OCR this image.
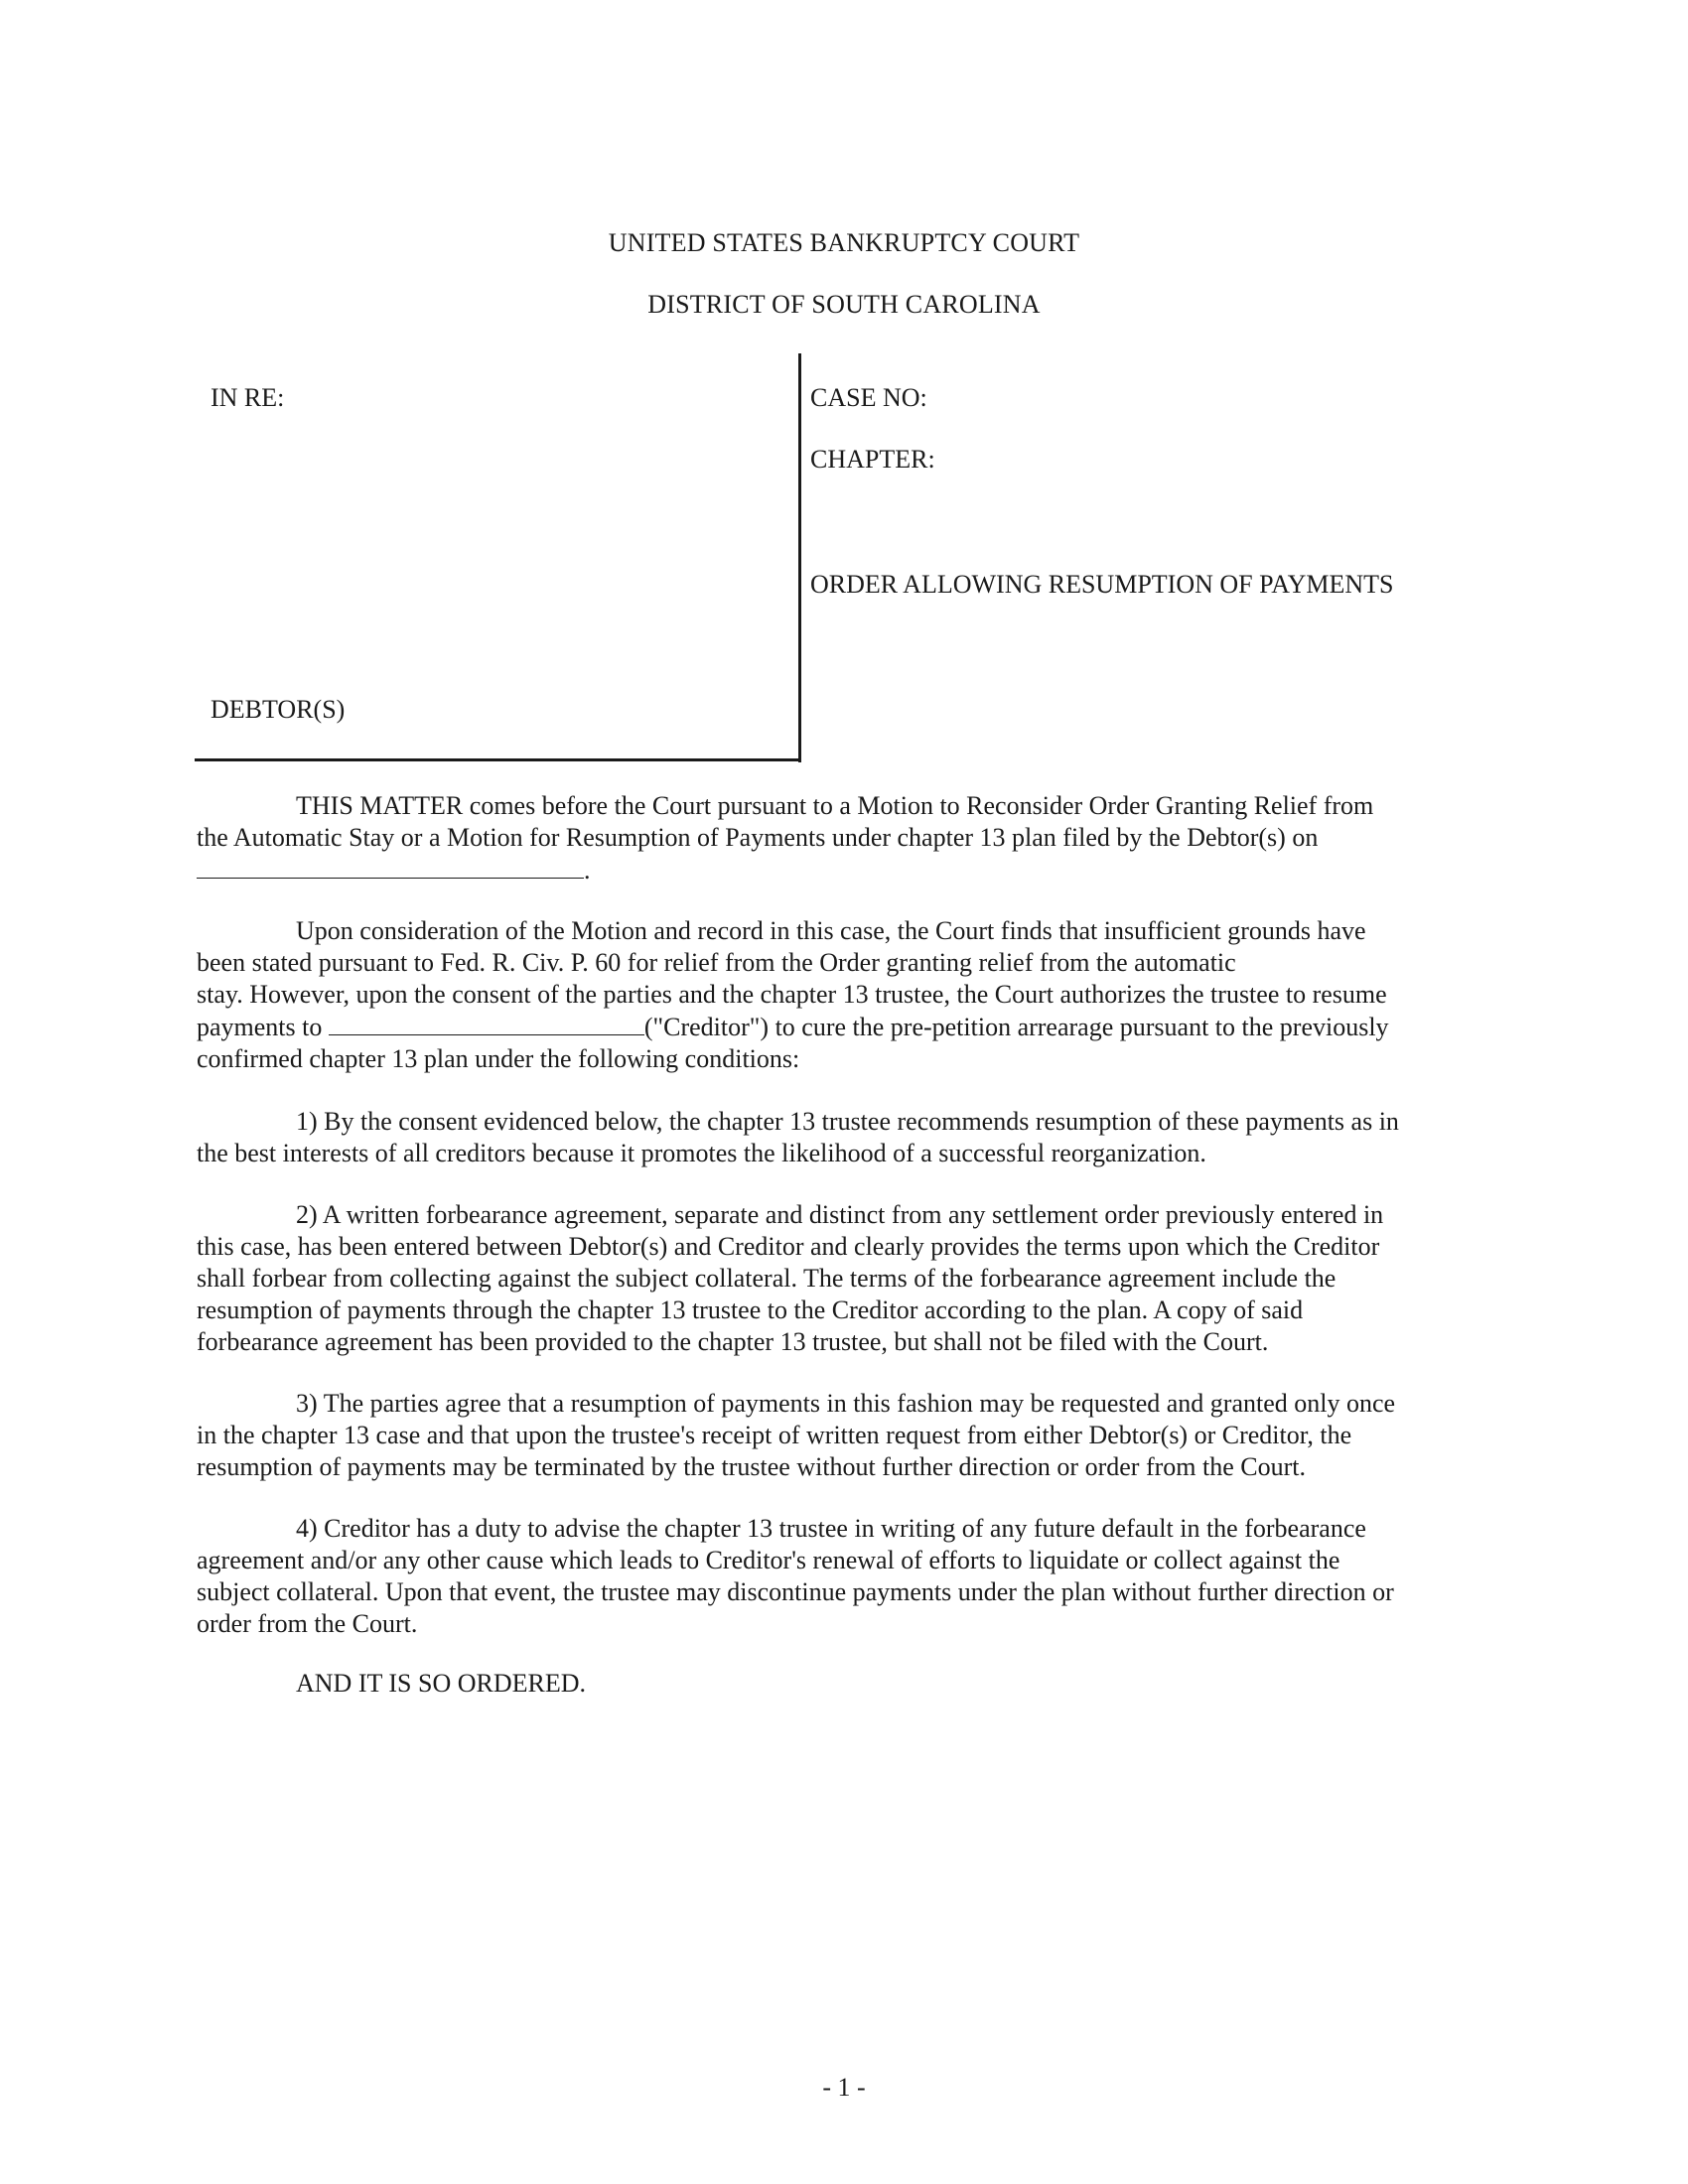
UNITED STATES BANKRUPTCY COURT
DISTRICT OF SOUTH CAROLINA
IN RE:
DEBTOR(S)
CASE NO:
CHAPTER:
ORDER ALLOWING RESUMPTION OF PAYMENTS
THIS MATTER comes before the Court pursuant to a Motion to Reconsider Order Granting Relief from
the Automatic Stay or a Motion for Resumption of Payments under chapter 13 plan filed by the Debtor(s) on
.
Upon consideration of the Motion and record in this case, the Court finds that insufficient grounds have
been stated pursuant to Fed. R. Civ. P. 60 for relief from the Order granting relief from the automatic
stay. However, upon the consent of the parties and the chapter 13 trustee, the Court authorizes the trustee to resume
payments to	("Creditor") to cure the pre-petition arrearage pursuant to the previously
confirmed chapter 13 plan under the following conditions:
1) By the consent evidenced below, the chapter 13 trustee recommends resumption of these payments as in
the best interests of all creditors because it promotes the likelihood of a successful reorganization.
2) A written forbearance agreement, separate and distinct from any settlement order previously entered in
this case, has been entered between Debtor(s) and Creditor and clearly provides the terms upon which the Creditor
shall forbear from collecting against the subject collateral. The terms of the forbearance agreement include the
resumption of payments through the chapter 13 trustee to the Creditor according to the plan. A copy of said
forbearance agreement has been provided to the chapter 13 trustee, but shall not be filed with the Court.
3) The parties agree that a resumption of payments in this fashion may be requested and granted only once
in the chapter 13 case and that upon the trustee's receipt of written request from either Debtor(s) or Creditor, the
resumption of payments may be terminated by the trustee without further direction or order from the Court.
4) Creditor has a duty to advise the chapter 13 trustee in writing of any future default in the forbearance
agreement and/or any other cause which leads to Creditor's renewal of efforts to liquidate or collect against the
subject collateral. Upon that event, the trustee may discontinue payments under the plan without further direction or
order from the Court.
AND IT IS SO ORDERED.
- 1 -
